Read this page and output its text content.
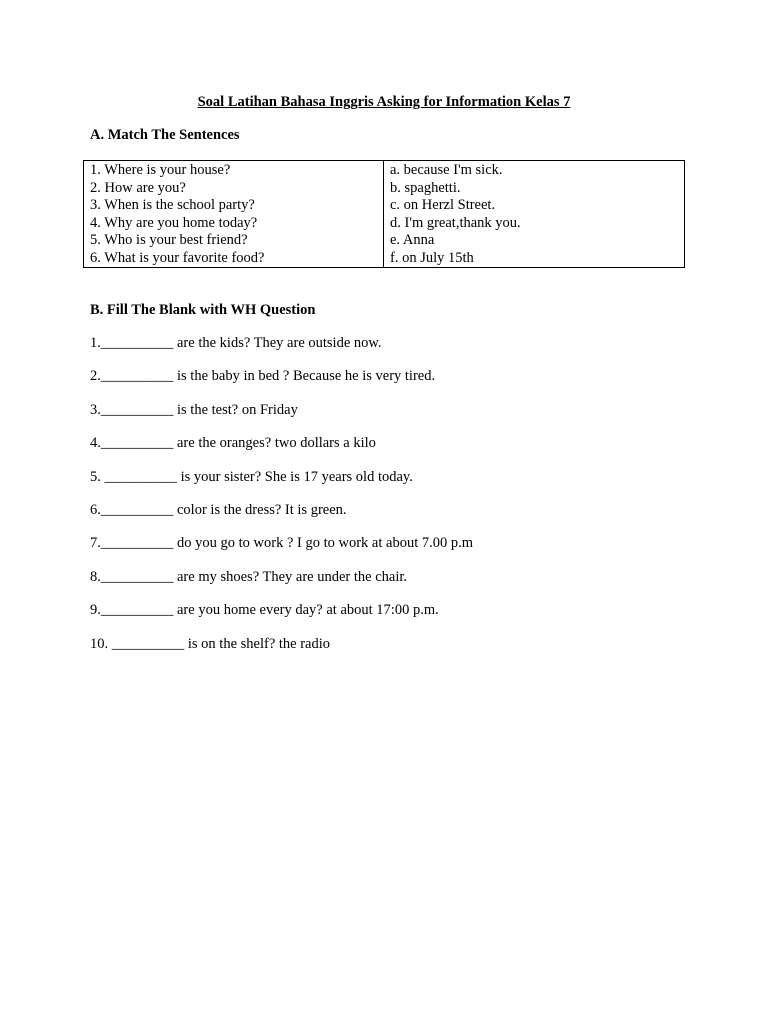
Soal Latihan Bahasa Inggris Asking for Information Kelas 7
A. Match The Sentences
1. Where is your house?
2. How are you?
3. When is the school party?
4. Why are you home today?
5. Who is your best friend?
6. What is your favorite food?
a. because I'm sick.
b. spaghetti.
c. on Herzl Street.
d. I'm great,thank you.
e. Anna
f. on July 15th
B. Fill The Blank with WH Question
1.__________ are the kids? They are outside now.
2.__________ is the baby in bed ? Because he is very tired.
3.__________ is the test? on Friday
4.__________ are the oranges? two dollars a kilo
5. __________ is your sister? She is 17 years old today.
6.__________ color is the dress? It is green.
7.__________ do you go to work ? I go to work at about 7.00 p.m
8.__________ are my shoes? They are under the chair.
9.__________ are you home every day? at about 17:00 p.m.
10. __________ is on the shelf? the radio
